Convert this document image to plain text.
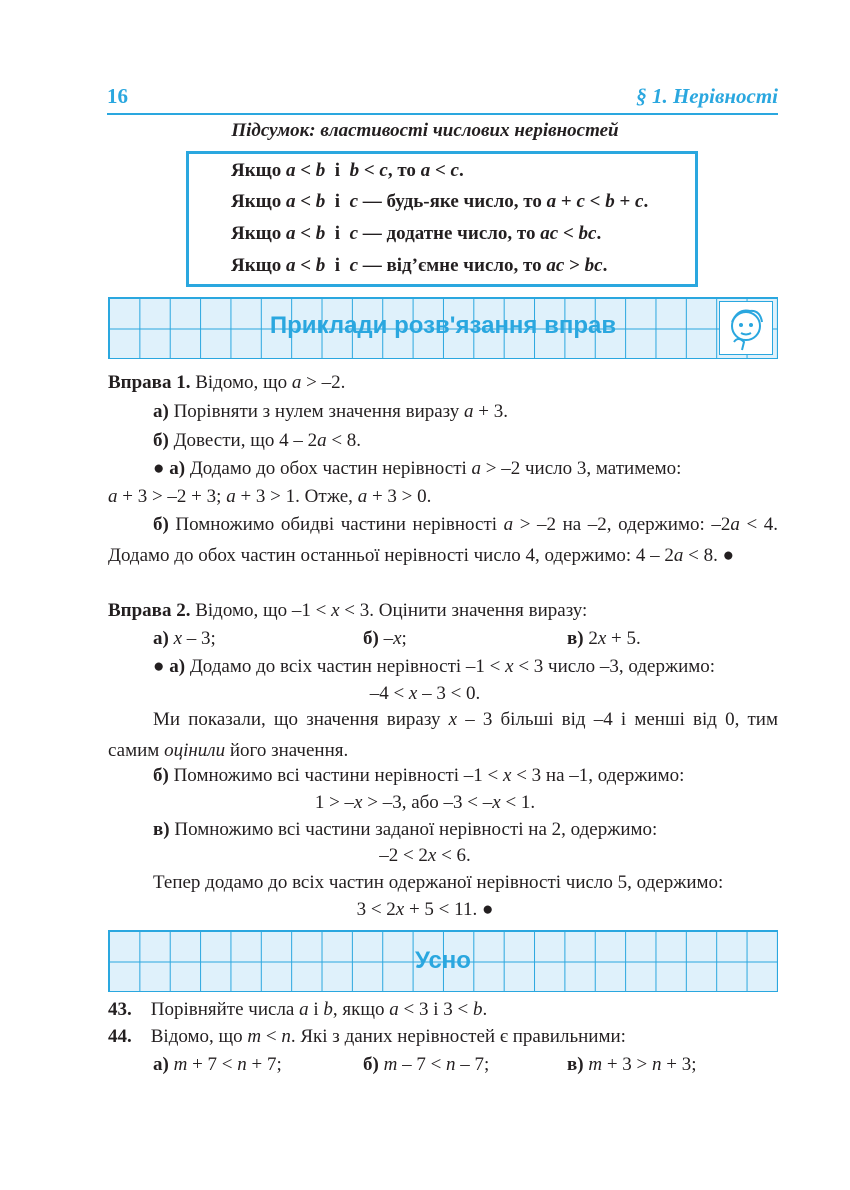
16	§ 1. Нерівності
Підсумок: властивості числових нерівностей
Якщо a < b  і  b < c, то a < c.
Якщо a < b  і  c — будь-яке число, то a + c < b + c.
Якщо a < b  і  c — додатне число, то ac < bc.
Якщо a < b  і  c — від’ємне число, то ac > bc.
Приклади розв'язання вправ
Вправа 1. Відомо, що a > –2.
а) Порівняти з нулем значення виразу a + 3.
б) Довести, що 4 – 2a < 8.
● а) Додамо до обох частин нерівності a > –2 число 3, матимемо:
a + 3 > –2 + 3; a + 3 > 1. Отже, a + 3 > 0.
б) Помножимо обидві частини нерівності a > –2 на –2, одержимо: –2a < 4. Додамо до обох частин останньої нерівності число 4, одержимо: 4 – 2a < 8. ●
Вправа 2. Відомо, що –1 < x < 3. Оцінити значення виразу:
а) x – 3;	б) –x;	в) 2x + 5.
● а) Додамо до всіх частин нерівності –1 < x < 3 число –3, одержимо:
–4 < x – 3 < 0.
Ми показали, що значення виразу x – 3 більші від –4 і менші від 0, тим самим оцінили його значення.
б) Помножимо всі частини нерівності –1 < x < 3 на –1, одержимо:
1 > –x > –3, або –3 < –x < 1.
в) Помножимо всі частини заданої нерівності на 2, одержимо:
–2 < 2x < 6.
Тепер додамо до всіх частин одержаної нерівності число 5, одержимо:
3 < 2x + 5 < 11. ●
Усно
43.    Порівняйте числа a і b, якщо a < 3 і 3 < b.
44.    Відомо, що m < n. Які з даних нерівностей є правильними:
а) m + 7 < n + 7;	б) m – 7 < n – 7;	в) m + 3 > n + 3;
